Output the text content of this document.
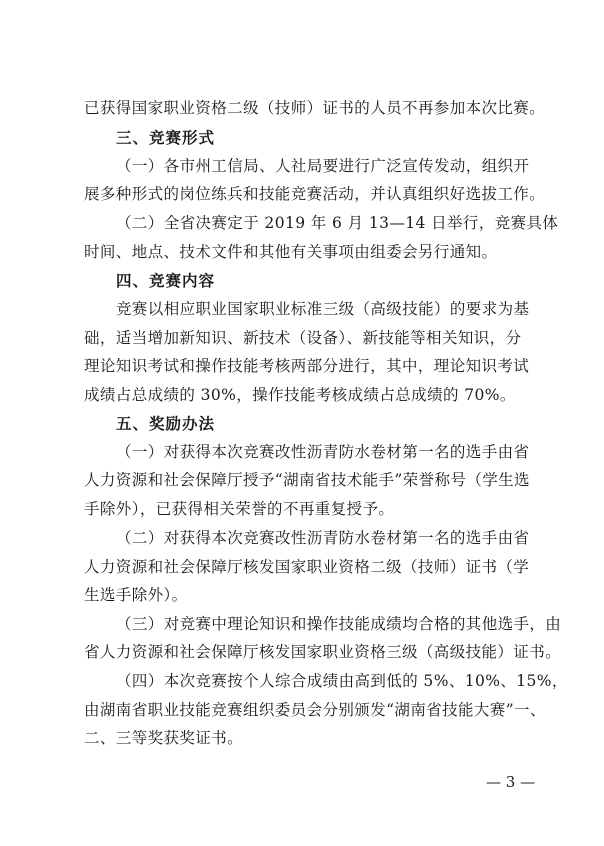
已获得国家职业资格二级（技师）证书的人员不再参加本次比赛。
三、竞赛形式
（一）各市州工信局、人社局要进行广泛宣传发动，组织开
展多种形式的岗位练兵和技能竞赛活动，并认真组织好选拔工作。
（二）全省决赛定于 2019 年 6 月 13—14 日举行，竞赛具体
时间、地点、技术文件和其他有关事项由组委会另行通知。
四、竞赛内容
竞赛以相应职业国家职业标准三级（高级技能）的要求为基
础，适当增加新知识、新技术（设备）、新技能等相关知识，分
理论知识考试和操作技能考核两部分进行，其中，理论知识考试
成绩占总成绩的 30%，操作技能考核成绩占总成绩的 70%。
五、奖励办法
（一）对获得本次竞赛改性沥青防水卷材第一名的选手由省
人力资源和社会保障厅授予“湖南省技术能手”荣誉称号（学生选
手除外），已获得相关荣誉的不再重复授予。
（二）对获得本次竞赛改性沥青防水卷材第一名的选手由省
人力资源和社会保障厅核发国家职业资格二级（技师）证书（学
生选手除外）。
（三）对竞赛中理论知识和操作技能成绩均合格的其他选手，由
省人力资源和社会保障厅核发国家职业资格三级（高级技能）证书。
（四）本次竞赛按个人综合成绩由高到低的 5%、10%、15%，
由湖南省职业技能竞赛组织委员会分别颁发“湖南省技能大赛”一、
二、三等奖获奖证书。
— 3 —
